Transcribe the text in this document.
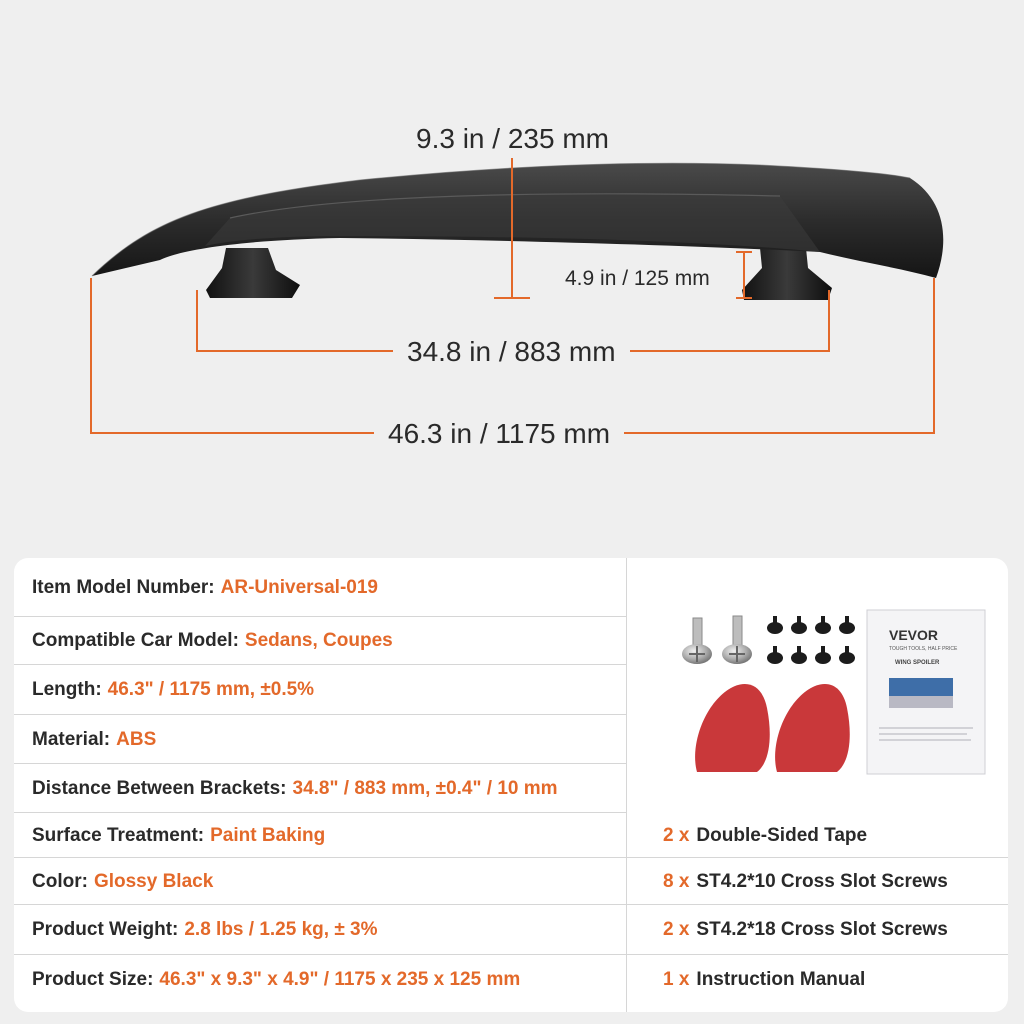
9.3 in / 235 mm
4.9 in / 125 mm
34.8 in / 883 mm
46.3 in / 1175 mm
Item Model Number: AR-Universal-019
Compatible Car Model: Sedans, Coupes
Length: 46.3" / 1175 mm, ±0.5%
Material: ABS
Distance Between Brackets: 34.8" / 883 mm, ±0.4" / 10 mm
Surface Treatment: Paint Baking
Color: Glossy Black
Product Weight: 2.8 lbs / 1.25 kg, ± 3%
Product Size: 46.3" x 9.3" x 4.9" / 1175 x 235 x 125 mm
VEVOR
TOUGH TOOLS, HALF PRICE
WING SPOILER
2 x Double-Sided Tape
8 x ST4.2*10 Cross Slot Screws
2 x ST4.2*18 Cross Slot Screws
1 x Instruction Manual
